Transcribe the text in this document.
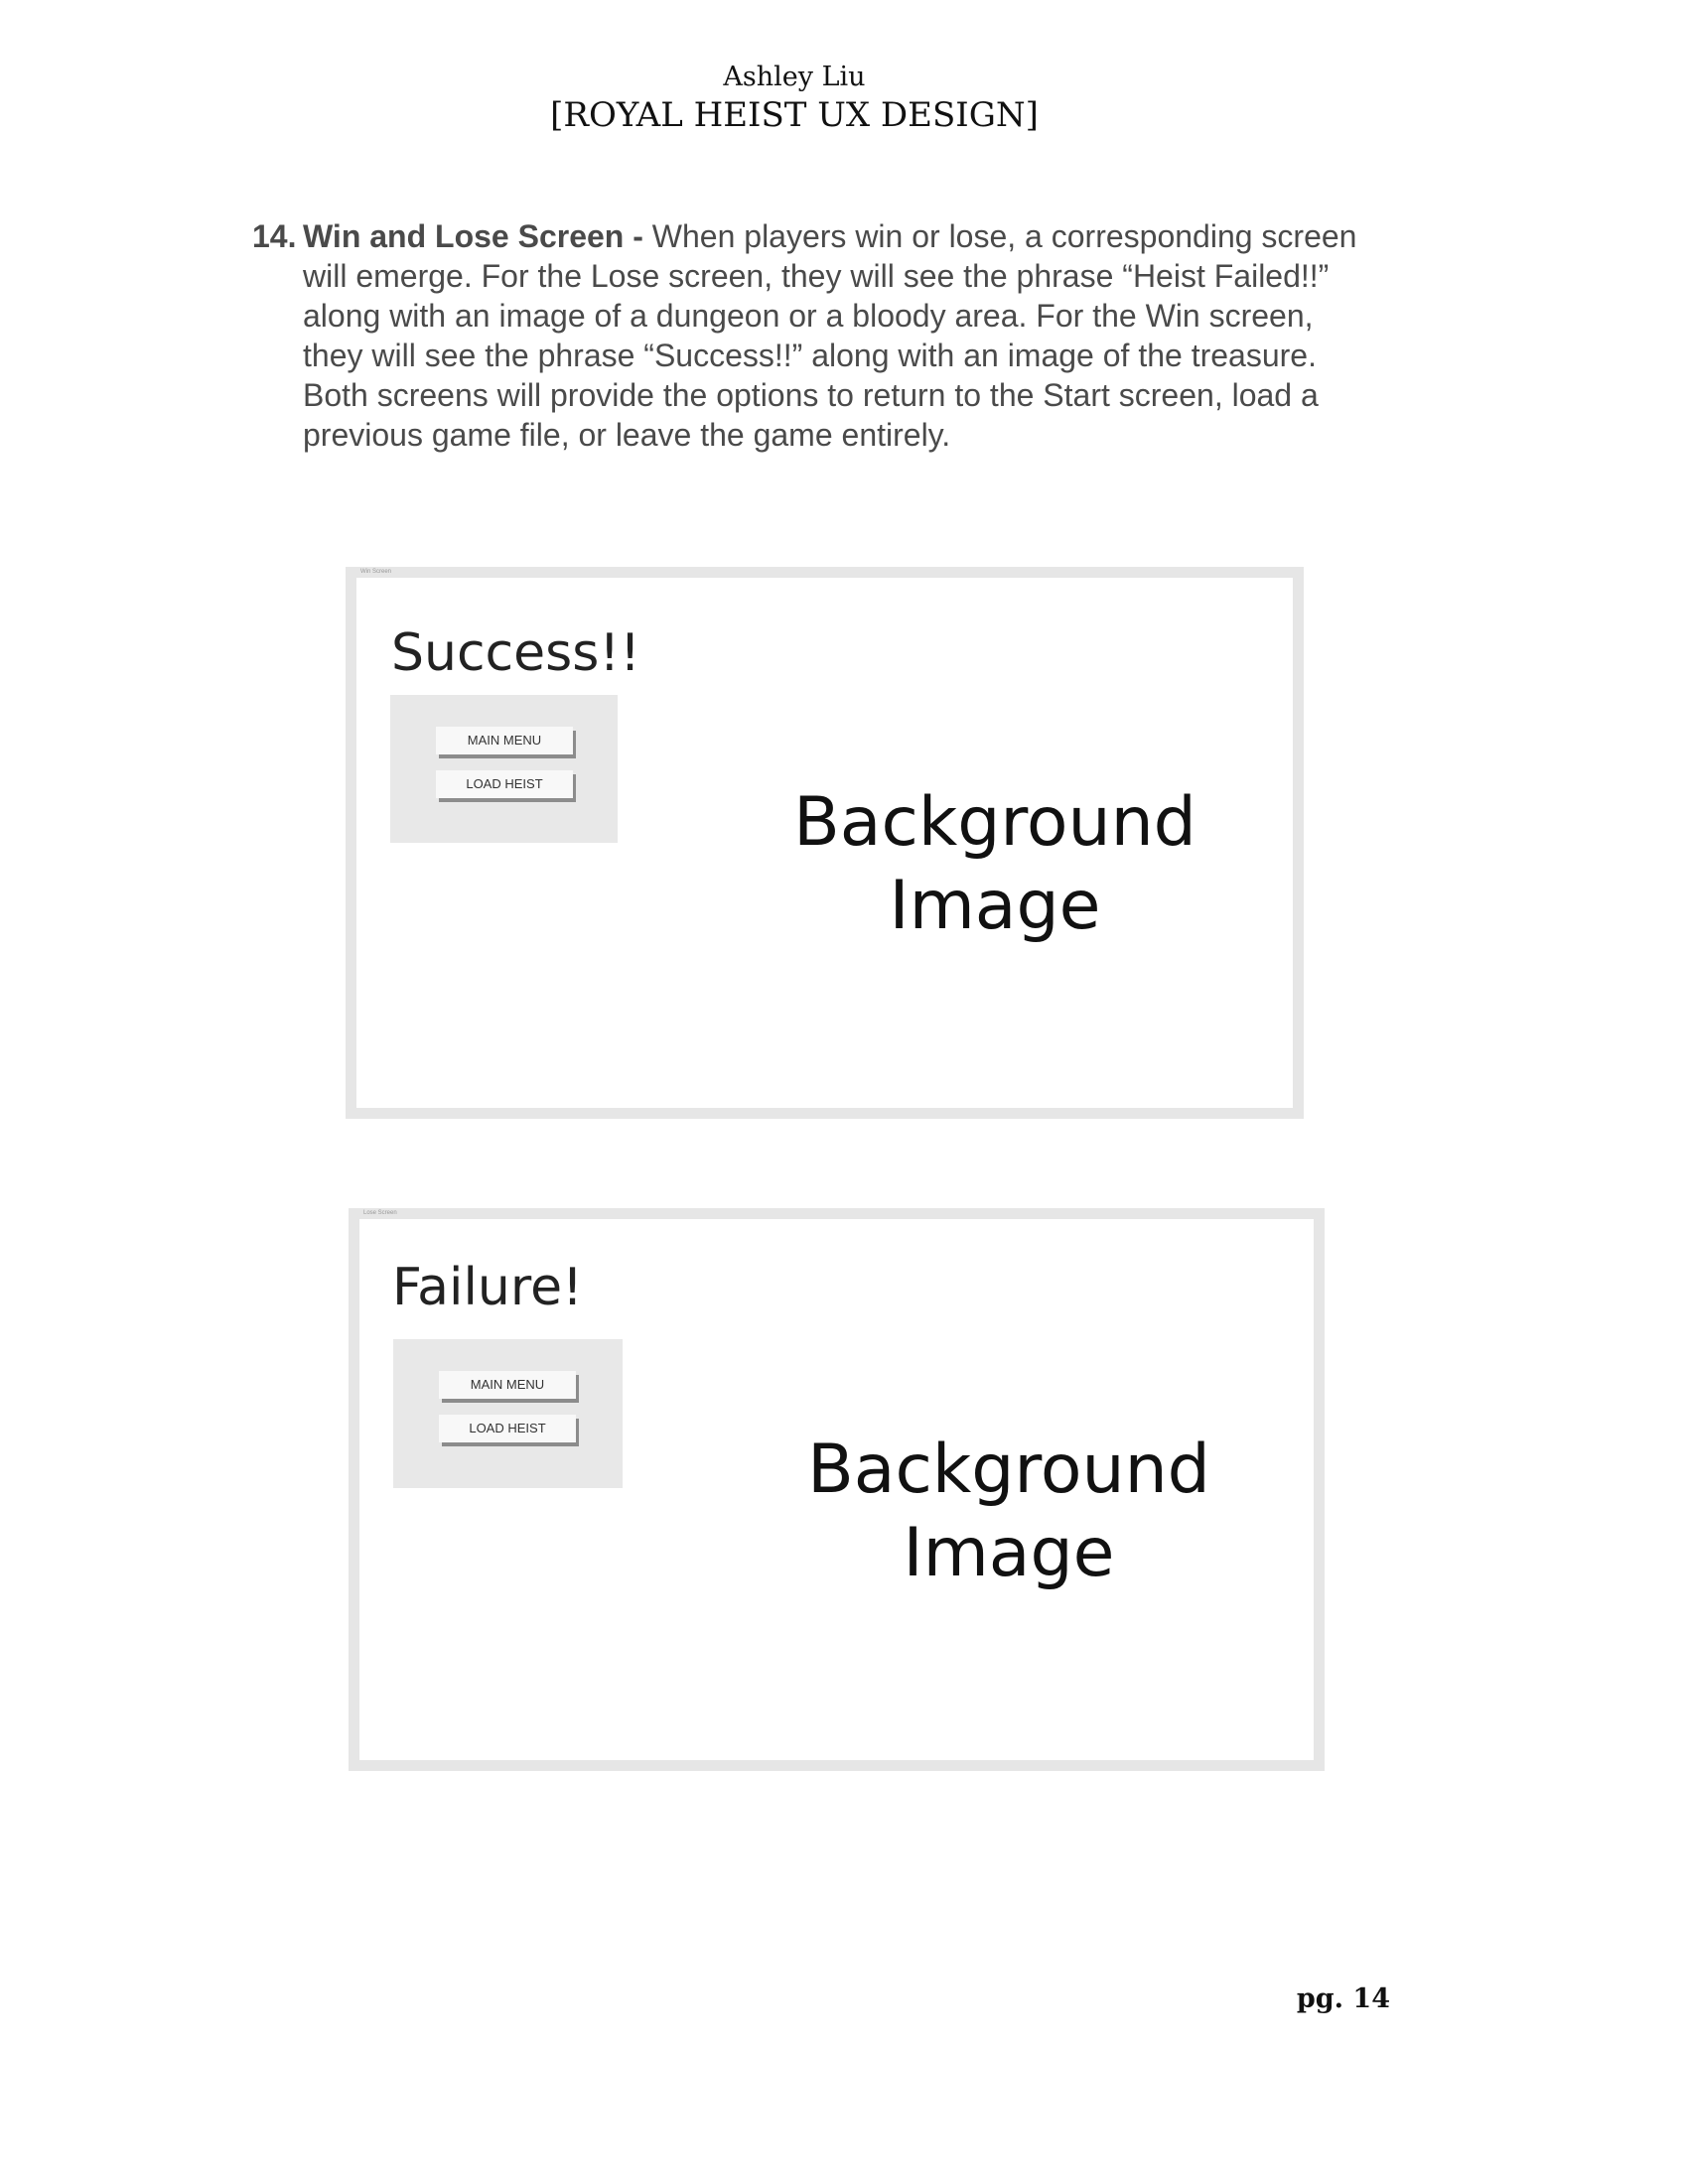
Ashley Liu
[ROYAL HEIST UX DESIGN]
14. Win and Lose Screen - When players win or lose, a corresponding screen will emerge. For the Lose screen, they will see the phrase “Heist Failed!!” along with an image of a dungeon or a bloody area. For the Win screen, they will see the phrase “Success!!” along with an image of the treasure. Both screens will provide the options to return to the Start screen, load a previous game file, or leave the game entirely.
Win Screen
Success!!
MAIN MENU
LOAD HEIST	Background
Image
Lose Screen
Failure!
MAIN MENU
LOAD HEIST
Background
Image
pg. 14
